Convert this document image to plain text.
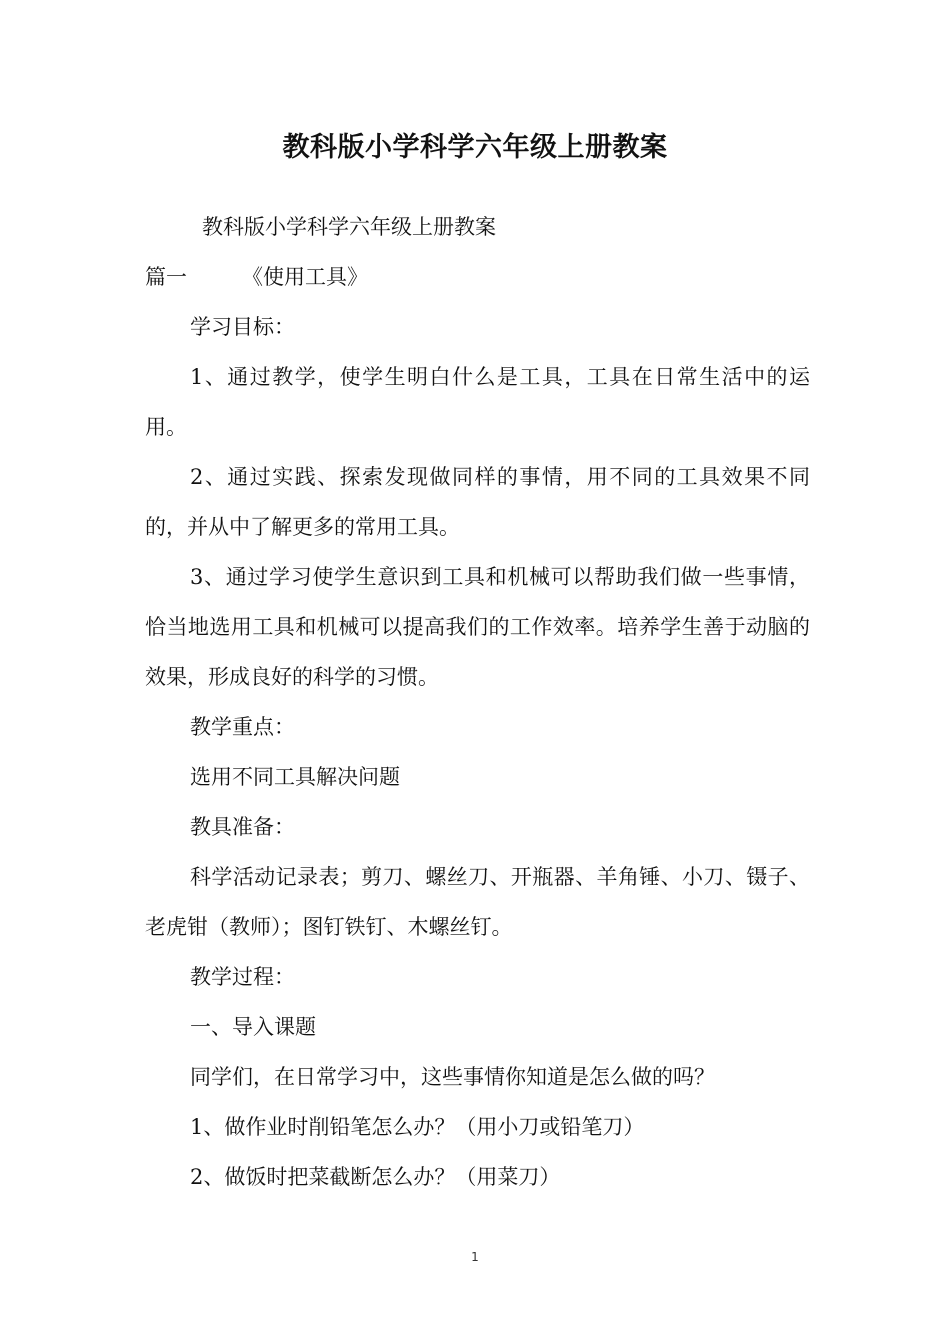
教科版小学科学六年级上册教案

教科版小学科学六年级上册教案

篇一	《使用工具》

学习目标：

1、通过教学，使学生明白什么是工具，工具在日常生活中的运用。

2、通过实践、探索发现做同样的事情，用不同的工具效果不同的，并从中了解更多的常用工具。

3、通过学习使学生意识到工具和机械可以帮助我们做一些事情，恰当地选用工具和机械可以提高我们的工作效率。培养学生善于动脑的效果，形成良好的科学的习惯。

教学重点：

选用不同工具解决问题

教具准备：

科学活动记录表；剪刀、螺丝刀、开瓶器、羊角锤、小刀、镊子、老虎钳（教师）；图钉铁钉、木螺丝钉。

教学过程：

一、导入课题

同学们，在日常学习中，这些事情你知道是怎么做的吗？

1、做作业时削铅笔怎么办？（用小刀或铅笔刀）

2、做饭时把菜截断怎么办？（用菜刀）

1
